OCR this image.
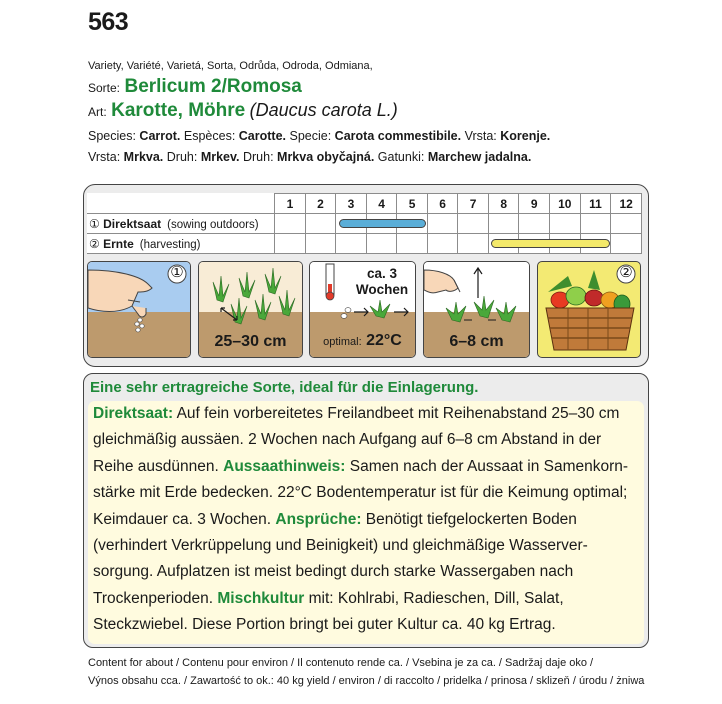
563
Variety, Variété, Varietá, Sorta, Odrůda, Odroda, Odmiana,
Sorte: Berlicum 2/Romosa
Art: Karotte, Möhre (Daucus carota L.)
Species: Carrot. Espèces: Carotte. Specie: Carota commestibile. Vrsta: Korenje.
Vrsta: Mrkva. Druh: Mrkev. Druh: Mrkva obyčajná. Gatunki: Marchew jadalna.
	1	2	3	4	5	6	7	8	9	10	11	12
① Direktsaat (sowing outdoors)												
② Ernte (harvesting)												
①
25–30 cm
ca. 3 Wochen
optimal: 22°C	6–8 cm
②
Eine sehr ertragreiche Sorte, ideal für die Einlagerung.
Direktsaat: Auf fein vorbereitetes Freilandbeet mit Reihenabstand 25–30 cm
gleichmäßig aussäen. 2 Wochen nach Aufgang auf 6–8 cm Abstand in der
Reihe ausdünnen. Aussaathinweis: Samen nach der Aussaat in Samenkorn-
stärke mit Erde bedecken. 22°C Bodentemperatur ist für die Keimung optimal;
Keimdauer ca. 3 Wochen. Ansprüche: Benötigt tiefgelockerten Boden
(verhindert Verkrüppelung und Beinigkeit) und gleichmäßige Wasserver-
sorgung. Aufplatzen ist meist bedingt durch starke Wassergaben nach
Trockenperioden. Mischkultur mit: Kohlrabi, Radieschen, Dill, Salat,
Steckzwiebel. Diese Portion bringt bei guter Kultur ca. 40 kg Ertrag.
Content for about / Contenu pour environ / Il contenuto rende ca. / Vsebina je za ca. / Sadržaj daje oko /
Výnos obsahu cca. / Zawartość to ok.: 40 kg yield / environ / di raccolto / pridelka / prinosa / sklizeň / úrodu / żniwa
